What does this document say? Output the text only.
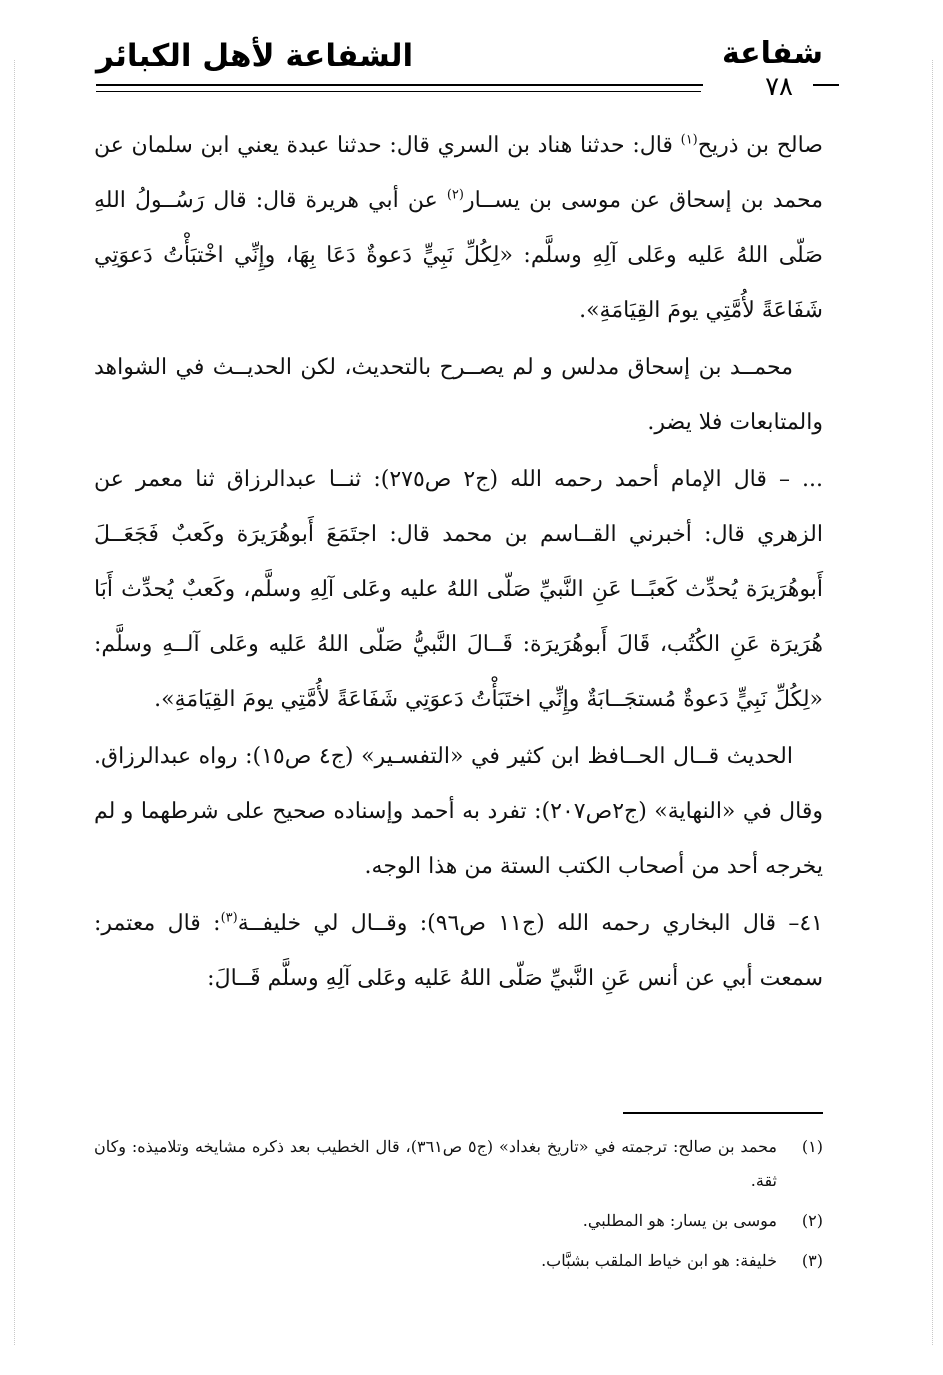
شفاعة
٧٨
الشفاعة لأهل الكبائر

صالح بن ذريح$^{(١)}$ قال: حدثنا هناد بن السري قال: حدثنا عبدة يعني ابن سلمان عن محمد بن إسحاق عن موسى بن يســار$^{(٢)}$ عن أبي هريرة قال: قال رَسُــولُ اللهِ صَلّى اللهُ عَليه وعَلى آلِهِ وسلَّم: «لِكُلِّ نَبِيٍّ دَعوةٌ دَعَا بِهَا، وإِنِّي اخْتبَأْتُ دَعوَتِي شَفَاعَةً لأُمَّتِي يومَ القِيَامَةِ».

محمــد بن إسحاق مدلس و لم يصــرح بالتحديث، لكن الحديــث في الشواهد والمتابعات فلا يضر.

... – قال الإمام أحمد رحمه الله (ج٢ ص٢٧٥): ثنــا عبدالرزاق ثنا معمر عن الزهري قال: أخبرني القــاسم بن محمد قال: اجتَمَعَ أَبوهُرَيرَة وكَعبٌ فَجَعَــلَ أَبوهُرَيرَة يُحدِّث كَعبًــا عَنِ النَّبيِّ صَلّى اللهُ عليه وعَلى آلِهِ وسلَّم، وكَعبٌ يُحدِّث أَبَا هُرَيرَة عَنِ الكُتُب، قَالَ أَبوهُرَيرَة: قَــالَ النَّبيُّ صَلّى اللهُ عَليه وعَلى آلــهِ وسلَّم: «لِكُلِّ نَبِيٍّ دَعوةٌ مُستجَــابَةٌ وإِنِّي اختَبَأْتُ دَعوَتِي شَفَاعَةً لأُمَّتِي يومَ القِيَامَةِ».

الحديث قــال الحــافظ ابن كثير في «التفسـير» (ج٤ ص١٥): رواه عبدالرزاق. وقال في «النهاية» (ج٢ص٢٠٧): تفرد به أحمد وإسناده صحيح على شرطهما و لم يخرجه أحد من أصحاب الكتب الستة من هذا الوجه.

٤١– قال البخاري رحمه الله (ج١١ ص٩٦): وقــال لي خليفــة$^{(٣)}$: قال معتمر: سمعت أبي عن أنس عَنِ النَّبيِّ صَلّى اللهُ عَليه وعَلى آلِهِ وسلَّم قَــالَ:

(١)
محمد بن صالح: ترجمته في «تاريخ بغداد» (ج٥ ص٣٦١)، قال الخطيب بعد ذكره مشايخه وتلاميذه: وكان ثقة.
(٢)
موسى بن يسار: هو المطلبي.
(٣)
خليفة: هو ابن خياط الملقب بشبَّاب.
